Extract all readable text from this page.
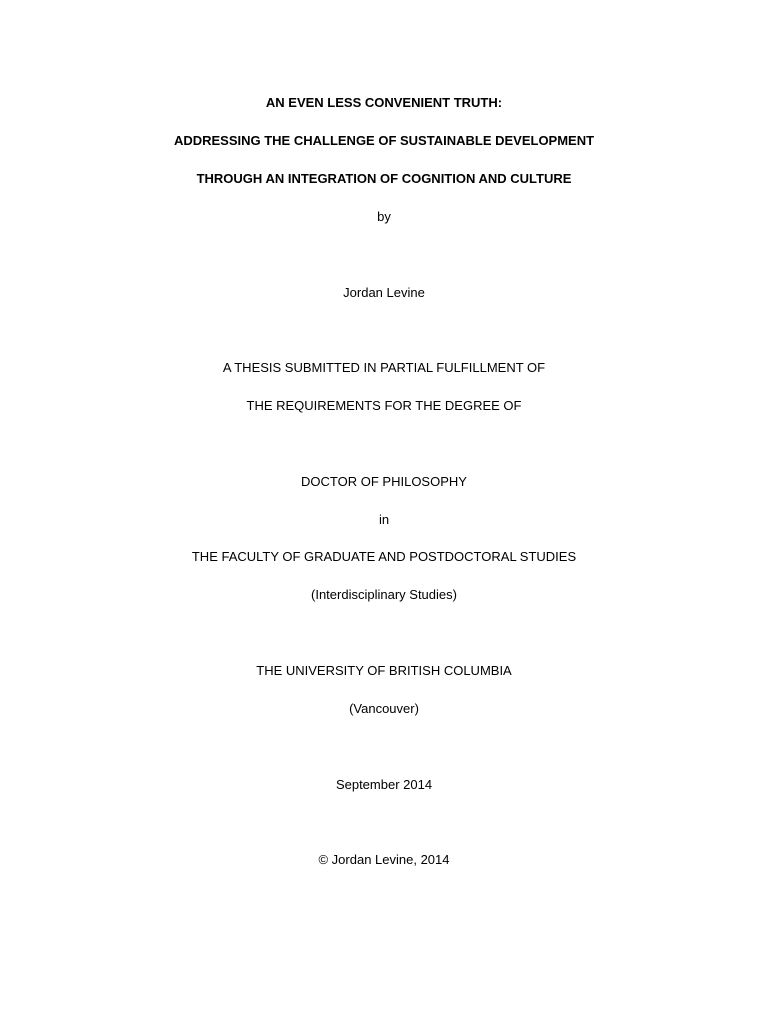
AN EVEN LESS CONVENIENT TRUTH:
ADDRESSING THE CHALLENGE OF SUSTAINABLE DEVELOPMENT
THROUGH AN INTEGRATION OF COGNITION AND CULTURE
by
Jordan Levine
A THESIS SUBMITTED IN PARTIAL FULFILLMENT OF
THE REQUIREMENTS FOR THE DEGREE OF
DOCTOR OF PHILOSOPHY
in
THE FACULTY OF GRADUATE AND POSTDOCTORAL STUDIES
(Interdisciplinary Studies)
THE UNIVERSITY OF BRITISH COLUMBIA
(Vancouver)
September 2014
© Jordan Levine, 2014
